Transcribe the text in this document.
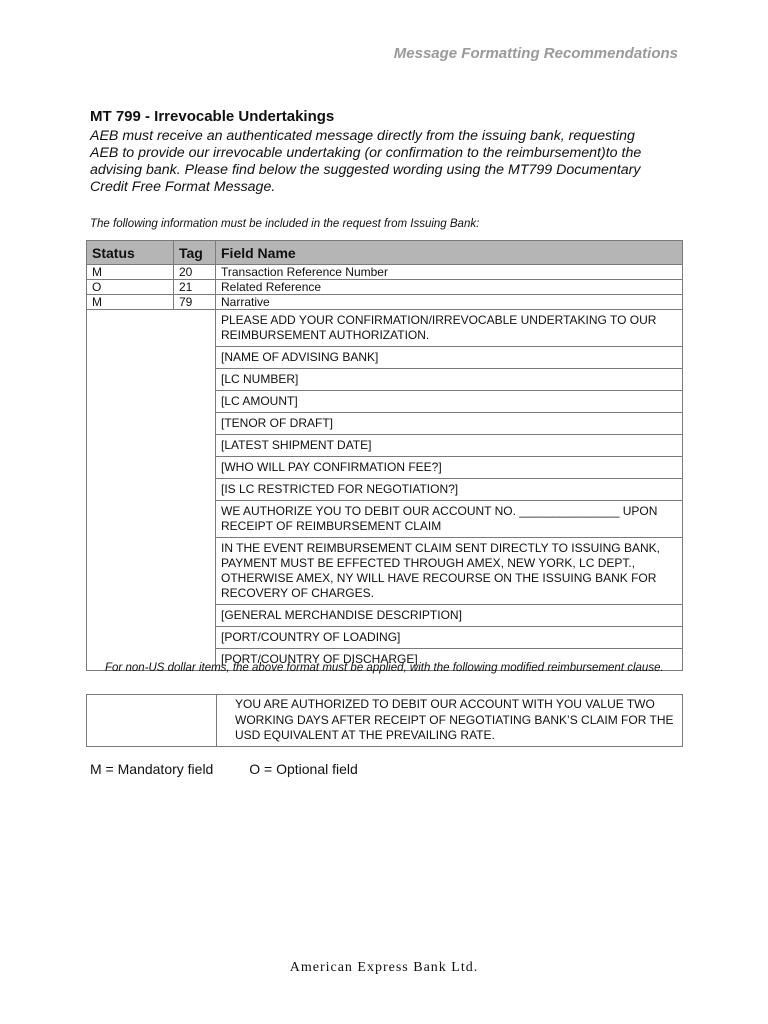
Message Formatting Recommendations
MT 799 - Irrevocable Undertakings
AEB must receive an authenticated message directly from the issuing bank, requesting AEB to provide our irrevocable undertaking (or confirmation to the reimbursement)to the advising bank. Please find below the suggested wording using the MT799 Documentary Credit Free Format Message.
The following information must be included in the request from Issuing Bank:
Status	Tag	Field Name
M	20	Transaction Reference Number
O	21	Related Reference
M	79	Narrative
		PLEASE ADD YOUR CONFIRMATION/IRREVOCABLE UNDERTAKING TO OUR REIMBURSEMENT AUTHORIZATION.
		[NAME OF ADVISING BANK]
		[LC NUMBER]
		[LC AMOUNT]
		[TENOR OF DRAFT]
		[LATEST SHIPMENT DATE]
		[WHO WILL PAY CONFIRMATION FEE?]
		[IS LC RESTRICTED FOR NEGOTIATION?]
		WE AUTHORIZE YOU TO DEBIT OUR ACCOUNT NO. _______________ UPON RECEIPT OF REIMBURSEMENT CLAIM
		IN THE EVENT REIMBURSEMENT CLAIM SENT DIRECTLY TO ISSUING BANK, PAYMENT MUST BE EFFECTED THROUGH AMEX, NEW YORK, LC DEPT., OTHERWISE AMEX, NY WILL HAVE RECOURSE ON THE ISSUING BANK FOR RECOVERY OF CHARGES.
		[GENERAL MERCHANDISE DESCRIPTION]
		[PORT/COUNTRY OF LOADING]
		[PORT/COUNTRY OF DISCHARGE]
For non-US dollar items, the above format must be applied, with the following modified reimbursement clause.
	YOU ARE AUTHORIZED TO DEBIT OUR ACCOUNT WITH YOU VALUE TWO WORKING DAYS AFTER RECEIPT OF NEGOTIATING BANK’S CLAIM FOR THE USD EQUIVALENT AT THE PREVAILING RATE.
M = Mandatory field	O = Optional field
American Express Bank Ltd.
